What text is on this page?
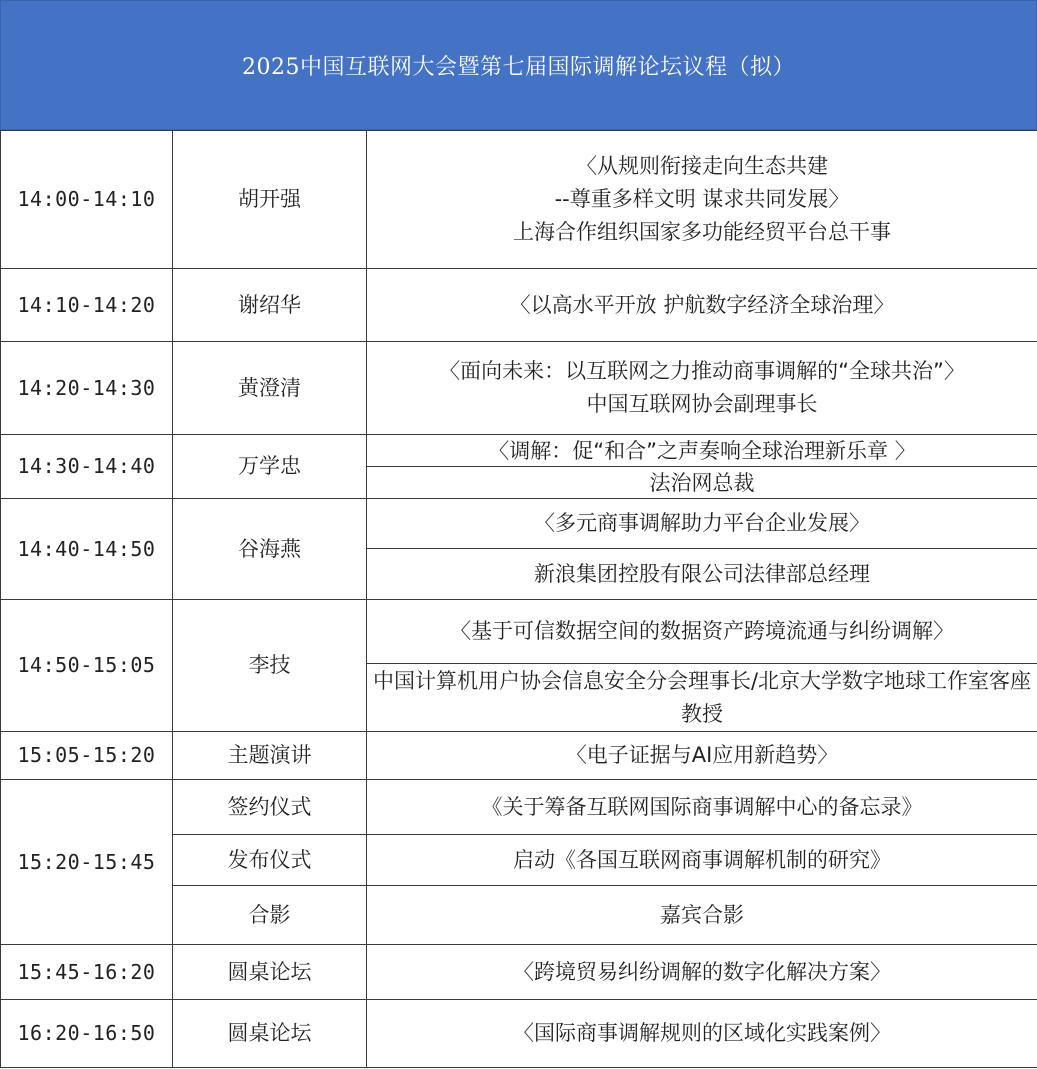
2025中国互联网大会暨第七届国际调解论坛议程（拟）
14:00-14:10	胡开强	〈从规则衔接走向生态共建
--尊重多样文明 谋求共同发展〉
上海合作组织国家多功能经贸平台总干事

14:10-14:20	谢绍华	〈以高水平开放 护航数字经济全球治理〉

14:20-14:30	黄澄清	〈面向未来：以互联网之力推动商事调解的“全球共治”〉
中国互联网协会副理事长

14:30-14:40	万学忠	〈调解：促“和合”之声奏响全球治理新乐章 〉
		法治网总裁
14:40-14:50	谷海燕	〈多元商事调解助力平台企业发展〉
		新浪集团控股有限公司法律部总经理
14:50-15:05	李技	〈基于可信数据空间的数据资产跨境流通与纠纷调解〉
		中国计算机用户协会信息安全分会理事长/北京大学数字地球工作室客座教授
15:05-15:20	主题演讲	〈电子证据与AI应用新趋势〉

15:20-15:45	签约仪式	《关于筹备互联网国际商事调解中心的备忘录》
	发布仪式	启动《各国互联网商事调解机制的研究》
	合影	嘉宾合影
15:45-16:20	圆桌论坛	〈跨境贸易纠纷调解的数字化解决方案〉

16:20-16:50	圆桌论坛	〈国际商事调解规则的区域化实践案例〉
